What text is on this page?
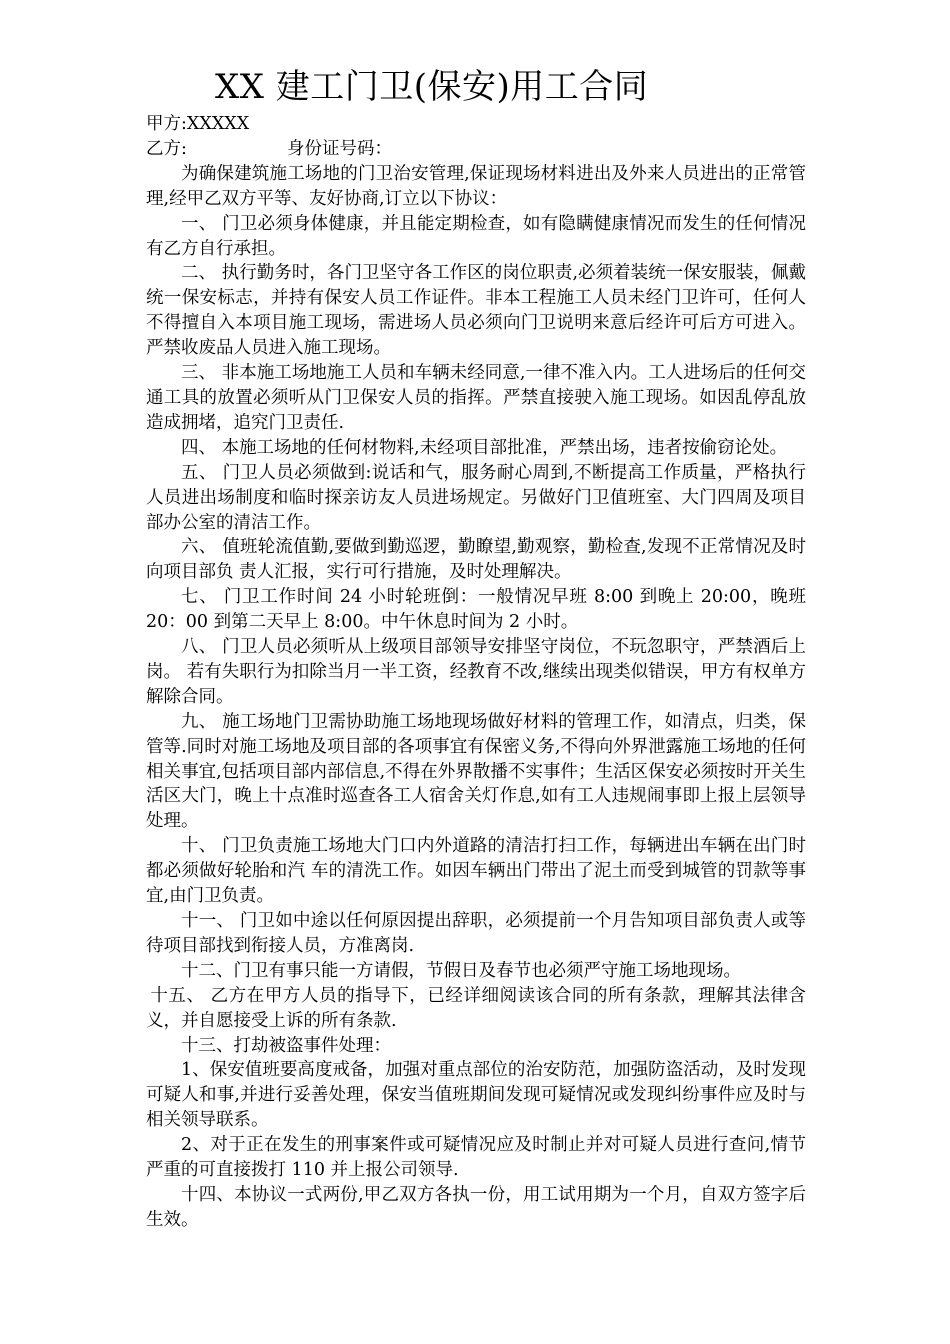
XX 建工门卫(保安)用工合同

甲方:XXXXX

乙方:                  身份证号码：

为确保建筑施工场地的门卫治安管理,保证现场材料进出及外来人员进出的正常管理,经甲乙双方平等、友好协商,订立以下协议：

一、 门卫必须身体健康，并且能定期检查，如有隐瞒健康情况而发生的任何情况有乙方自行承担。

二、 执行勤务时，各门卫坚守各工作区的岗位职责,必须着装统一保安服装，佩戴统一保安标志，并持有保安人员工作证件。非本工程施工人员未经门卫许可，任何人不得擅自入本项目施工现场，需进场人员必须向门卫说明来意后经许可后方可进入。严禁收废品人员进入施工现场。

三、 非本施工场地施工人员和车辆未经同意,一律不准入内。工人进场后的任何交通工具的放置必须听从门卫保安人员的指挥。严禁直接驶入施工现场。如因乱停乱放造成拥堵，追究门卫责任.

四、 本施工场地的任何材物料,未经项目部批准，严禁出场，违者按偷窃论处。

五、 门卫人员必须做到:说话和气，服务耐心周到,不断提高工作质量，严格执行人员进出场制度和临时探亲访友人员进场规定。另做好门卫值班室、大门四周及项目部办公室的清洁工作。

六、 值班轮流值勤,要做到勤巡逻，勤瞭望,勤观察，勤检查,发现不正常情况及时向项目部负 责人汇报，实行可行措施，及时处理解决。

七、 门卫工作时间 24 小时轮班倒：一般情况早班 8:00 到晚上 20:00，晚班 20：00 到第二天早上 8:00。中午休息时间为 2 小时。

八、 门卫人员必须听从上级项目部领导安排坚守岗位，不玩忽职守，严禁酒后上岗。 若有失职行为扣除当月一半工资，经教育不改,继续出现类似错误，甲方有权单方解除合同。

九、 施工场地门卫需协助施工场地现场做好材料的管理工作，如清点，归类，保管等.同时对施工场地及项目部的各项事宜有保密义务,不得向外界泄露施工场地的任何相关事宜,包括项目部内部信息,不得在外界散播不实事件；生活区保安必须按时开关生活区大门，晚上十点准时巡查各工人宿舍关灯作息,如有工人违规闹事即上报上层领导处理。

十、 门卫负责施工场地大门口内外道路的清洁打扫工作，每辆进出车辆在出门时都必须做好轮胎和汽 车的清洗工作。如因车辆出门带出了泥土而受到城管的罚款等事宜,由门卫负责。

十一、 门卫如中途以任何原因提出辞职，必须提前一个月告知项目部负责人或等待项目部找到衔接人员，方准离岗.

十二、门卫有事只能一方请假，节假日及春节也必须严守施工场地现场。

十五、 乙方在甲方人员的指导下，已经详细阅读该合同的所有条款，理解其法律含义，并自愿接受上诉的所有条款.

十三、打劫被盗事件处理：

1、保安值班要高度戒备，加强对重点部位的治安防范，加强防盗活动，及时发现可疑人和事,并进行妥善处理，保安当值班期间发现可疑情况或发现纠纷事件应及时与相关领导联系。

2、对于正在发生的刑事案件或可疑情况应及时制止并对可疑人员进行查问,情节严重的可直接拨打 110 并上报公司领导.

十四、本协议一式两份,甲乙双方各执一份，用工试用期为一个月，自双方签字后生效。
